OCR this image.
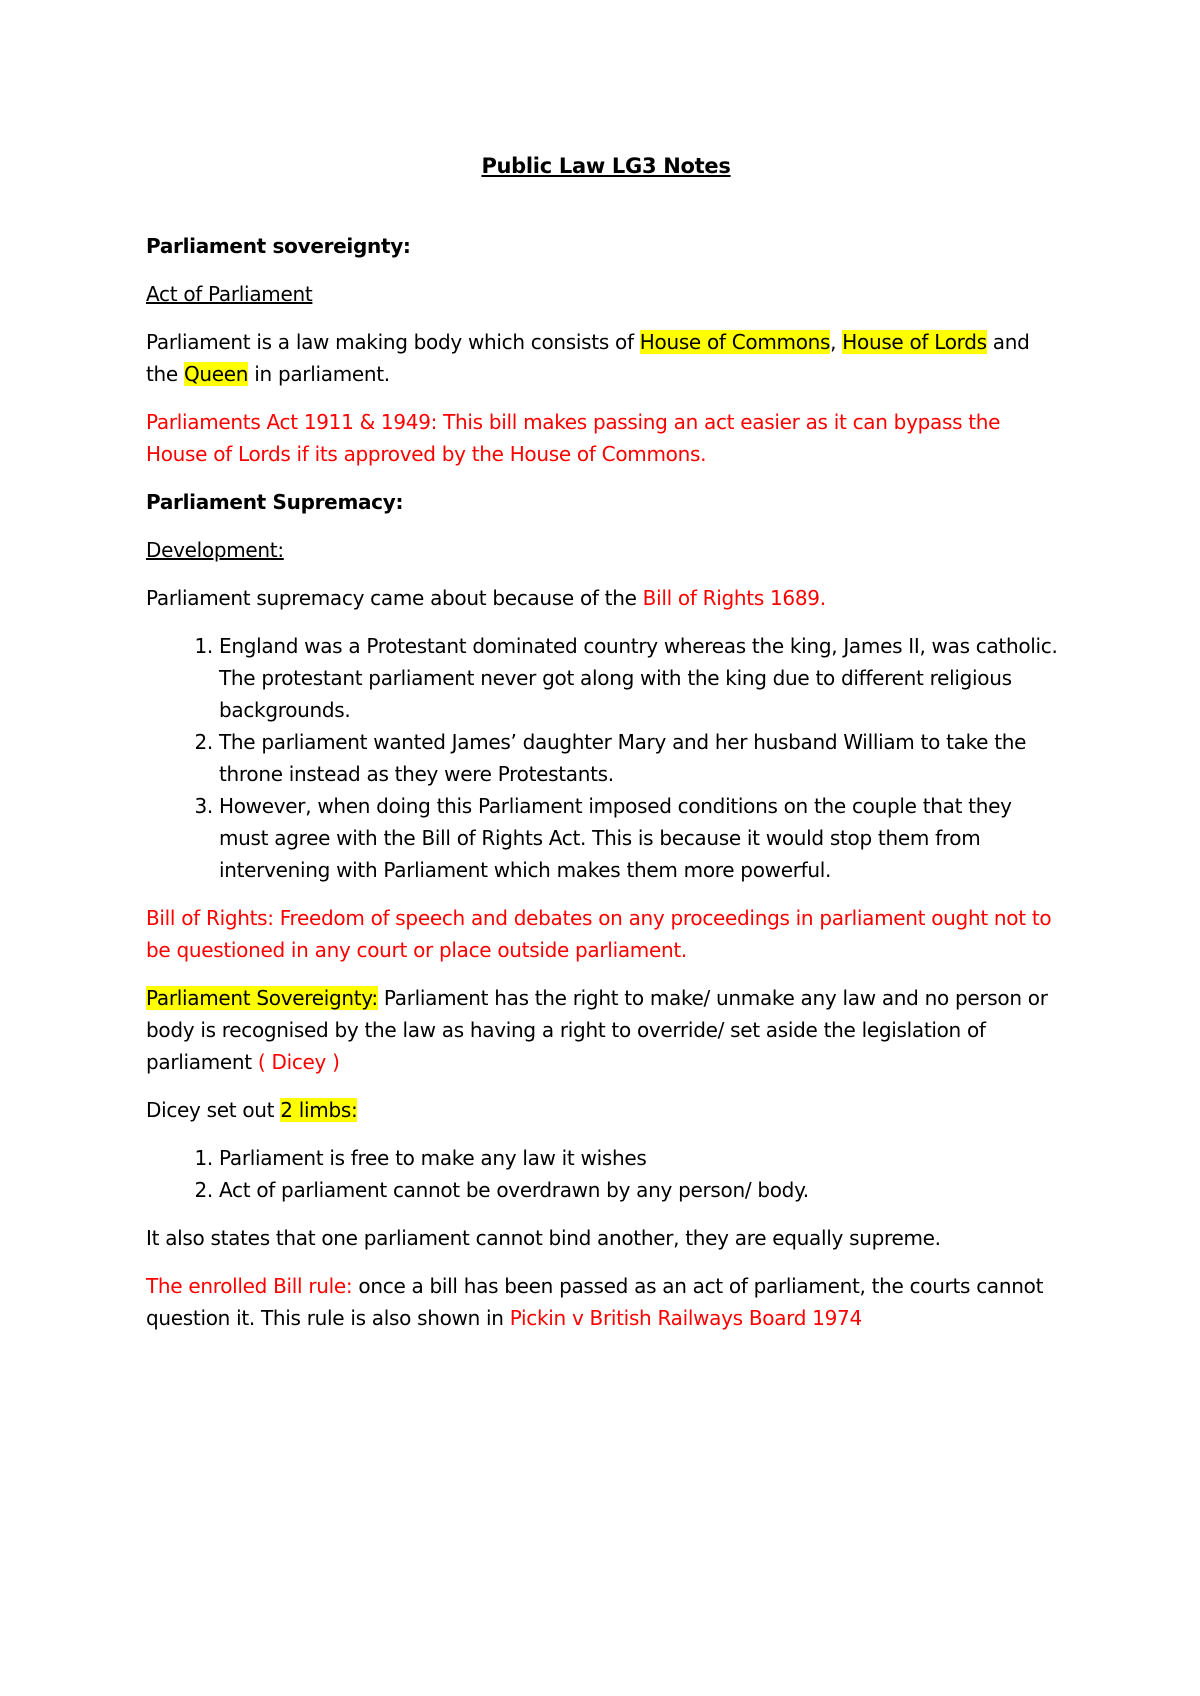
Public Law LG3 Notes

Parliament sovereignty:

Act of Parliament

Parliament is a law making body which consists of House of Commons, House of Lords and the Queen in parliament.

Parliaments Act 1911 & 1949: This bill makes passing an act easier as it can bypass the House of Lords if its approved by the House of Commons.

Parliament Supremacy:

Development:

Parliament supremacy came about because of the Bill of Rights 1689.

1. England was a Protestant dominated country whereas the king, James II, was catholic. The protestant parliament never got along with the king due to different religious backgrounds.
2. The parliament wanted James’ daughter Mary and her husband William to take the throne instead as they were Protestants.
3. However, when doing this Parliament imposed conditions on the couple that they must agree with the Bill of Rights Act. This is because it would stop them from intervening with Parliament which makes them more powerful.

Bill of Rights: Freedom of speech and debates on any proceedings in parliament ought not to be questioned in any court or place outside parliament.

Parliament Sovereignty: Parliament has the right to make/ unmake any law and no person or body is recognised by the law as having a right to override/ set aside the legislation of parliament ( Dicey )

Dicey set out 2 limbs:

1. Parliament is free to make any law it wishes
2. Act of parliament cannot be overdrawn by any person/ body.

It also states that one parliament cannot bind another, they are equally supreme.

The enrolled Bill rule: once a bill has been passed as an act of parliament, the courts cannot question it. This rule is also shown in Pickin v British Railways Board 1974
